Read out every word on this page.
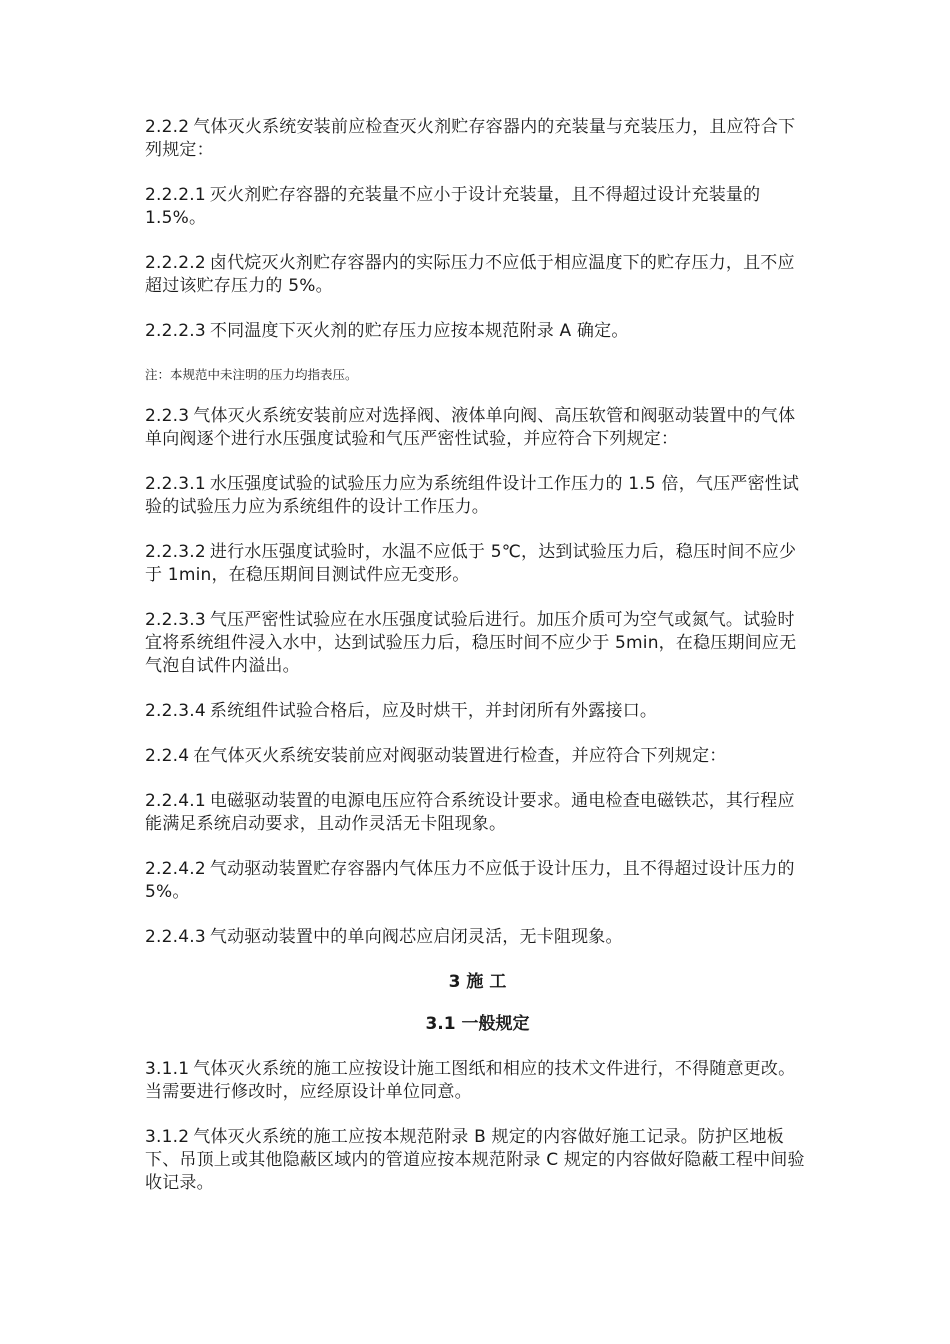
2.2.2 气体灭火系统安装前应检查灭火剂贮存容器内的充装量与充装压力，且应符合下列规定：

2.2.2.1 灭火剂贮存容器的充装量不应小于设计充装量，且不得超过设计充装量的 1.5%。

2.2.2.2 卤代烷灭火剂贮存容器内的实际压力不应低于相应温度下的贮存压力，且不应超过该贮存压力的 5%。

2.2.2.3 不同温度下灭火剂的贮存压力应按本规范附录 A 确定。

注：本规范中未注明的压力均指表压。

2.2.3 气体灭火系统安装前应对选择阀、液体单向阀、高压软管和阀驱动装置中的气体单向阀逐个进行水压强度试验和气压严密性试验，并应符合下列规定：

2.2.3.1 水压强度试验的试验压力应为系统组件设计工作压力的 1.5 倍，气压严密性试验的试验压力应为系统组件的设计工作压力。

2.2.3.2 进行水压强度试验时，水温不应低于 5℃，达到试验压力后，稳压时间不应少于 1min，在稳压期间目测试件应无变形。

2.2.3.3 气压严密性试验应在水压强度试验后进行。加压介质可为空气或氮气。试验时宜将系统组件浸入水中，达到试验压力后，稳压时间不应少于 5min，在稳压期间应无气泡自试件内溢出。

2.2.3.4 系统组件试验合格后，应及时烘干，并封闭所有外露接口。

2.2.4 在气体灭火系统安装前应对阀驱动装置进行检查，并应符合下列规定：

2.2.4.1 电磁驱动装置的电源电压应符合系统设计要求。通电检查电磁铁芯，其行程应能满足系统启动要求，且动作灵活无卡阻现象。

2.2.4.2 气动驱动装置贮存容器内气体压力不应低于设计压力，且不得超过设计压力的 5%。

2.2.4.3 气动驱动装置中的单向阀芯应启闭灵活，无卡阻现象。

3 施 工
3.1 一般规定

3.1.1 气体灭火系统的施工应按设计施工图纸和相应的技术文件进行，不得随意更改。当需要进行修改时，应经原设计单位同意。

3.1.2 气体灭火系统的施工应按本规范附录 B 规定的内容做好施工记录。防护区地板下、吊顶上或其他隐蔽区域内的管道应按本规范附录 C 规定的内容做好隐蔽工程中间验收记录。
